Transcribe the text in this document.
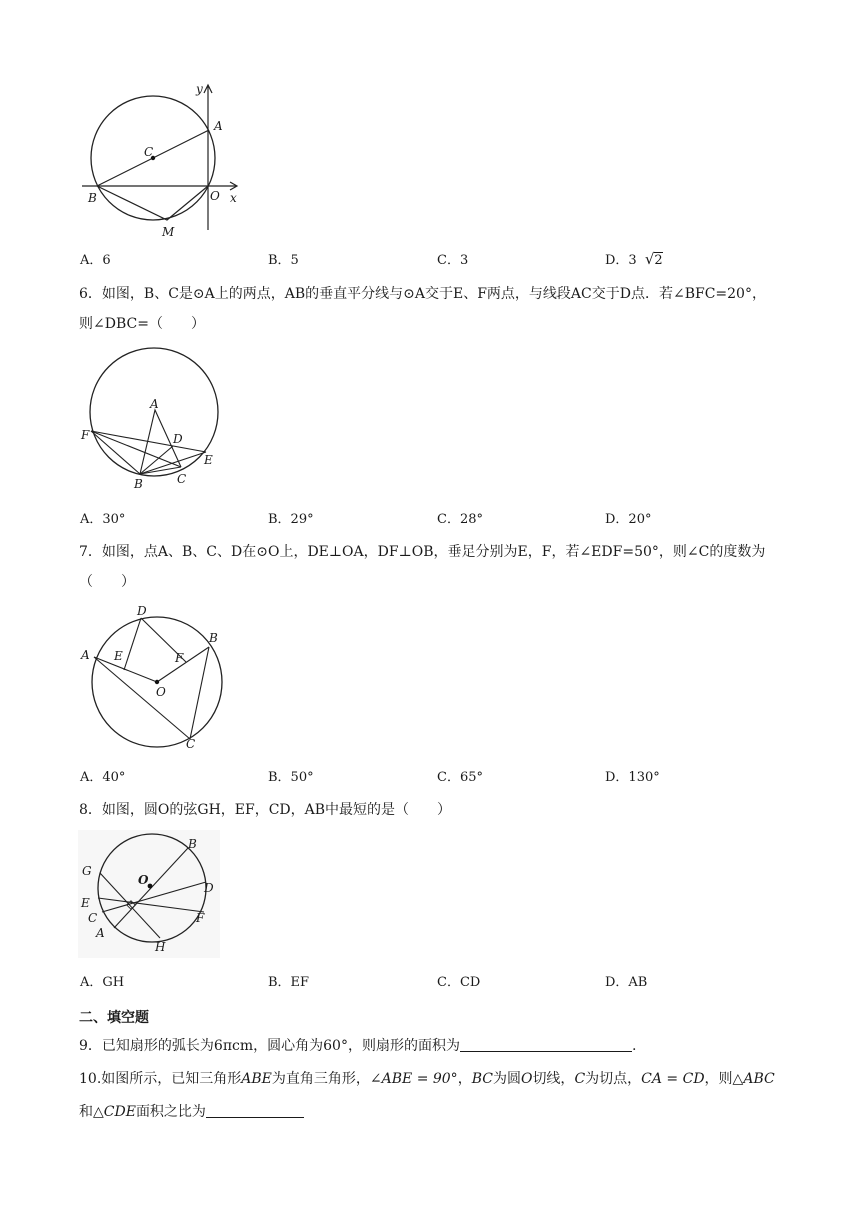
y
A
C
B	O x
M
A．6	B．5	C．3	D．3 √2
6．如图，B、C是⊙A上的两点，AB的垂直平分线与⊙A交于E、F两点，与线段AC交于D点．若∠BFC=20°，
则∠DBC=（　　）
A
F	D
E
B	C
A．30°	B．29°	C．28°	D．20°
7．如图，点A、B、C、D在⊙O上，DE⊥OA，DF⊥OB，垂足分别为E，F，若∠EDF=50°，则∠C的度数为
（　　）
D
B
A E	F
O
C
A．40°	B．50°	C．65°	D．130°
8．如图，圆O的弦GH，EF，CD，AB中最短的是（　　）
B
G
O
D
E
C	F
A
H
A．GH	B．EF	C．CD	D．AB
二、填空题
9．已知扇形的弧长为6πcm，圆心角为60°，则扇形的面积为	.
10.如图所示，已知三角形ABE为直角三角形，∠ABE = 90°，BC为圆O切线，C为切点，CA = CD，则△ABC
和△CDE面积之比为
